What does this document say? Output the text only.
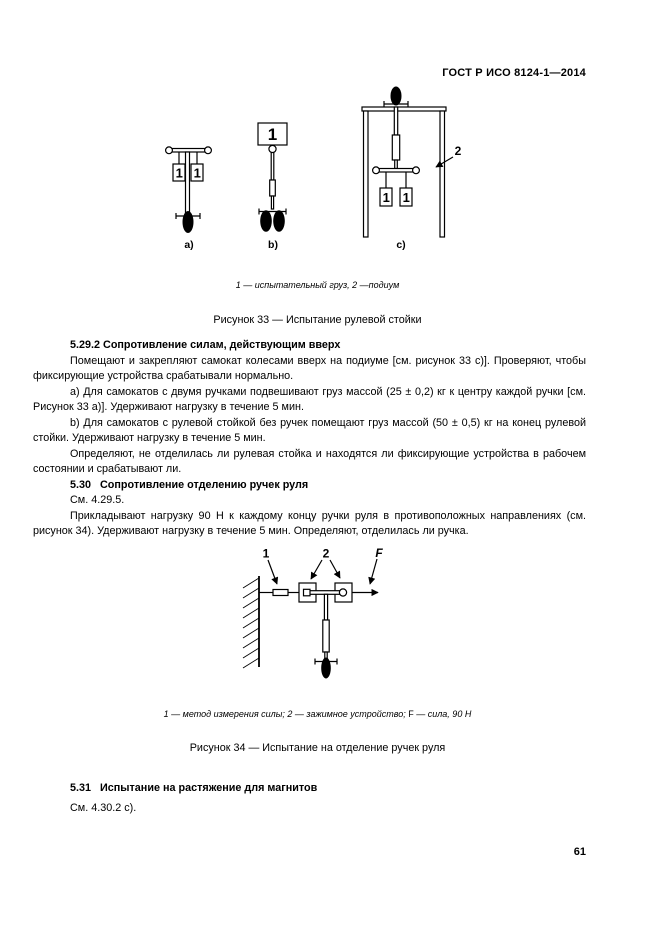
ГОСТ Р ИСО 8124-1—2014
1 1
a)
1
b)
1 1
2
c)
1 — испытательный груз, 2 —подиум
Рисунок 33 — Испытание рулевой стойки
5.29.2 Сопротивление силам, действующим вверх

Помещают и закрепляют самокат колесами вверх на подиуме [см. рисунок 33 с)]. Проверяют, чтобы фиксирующие устройства срабатывали нормально.

a) Для самокатов с двумя ручками подвешивают груз массой (25 ± 0,2) кг к центру каждой ручки [см. Рисунок 33 а)]. Удерживают нагрузку в течение 5 мин.

b) Для самокатов с рулевой стойкой без ручек помещают груз массой (50 ± 0,5) кг на конец рулевой стойки. Удерживают нагрузку в течение 5 мин.

Определяют, не отделилась ли рулевая стойка и находятся ли фиксирующие устройства в рабочем состоянии и срабатывают ли.

5.30   Сопротивление отделению ручек руля

См. 4.29.5.

Прикладывают нагрузку 90 Н к каждому концу ручки руля в противоположных направлениях (см. рисунок 34). Удерживают нагрузку в течение 5 мин. Определяют, отделилась ли ручка.

1	2	F
1 — метод измерения силы; 2 — зажимное устройство; F — сила, 90 Н
Рисунок 34 — Испытание на отделение ручек руля
5.31   Испытание на растяжение для магнитов
См. 4.30.2 с).
61
